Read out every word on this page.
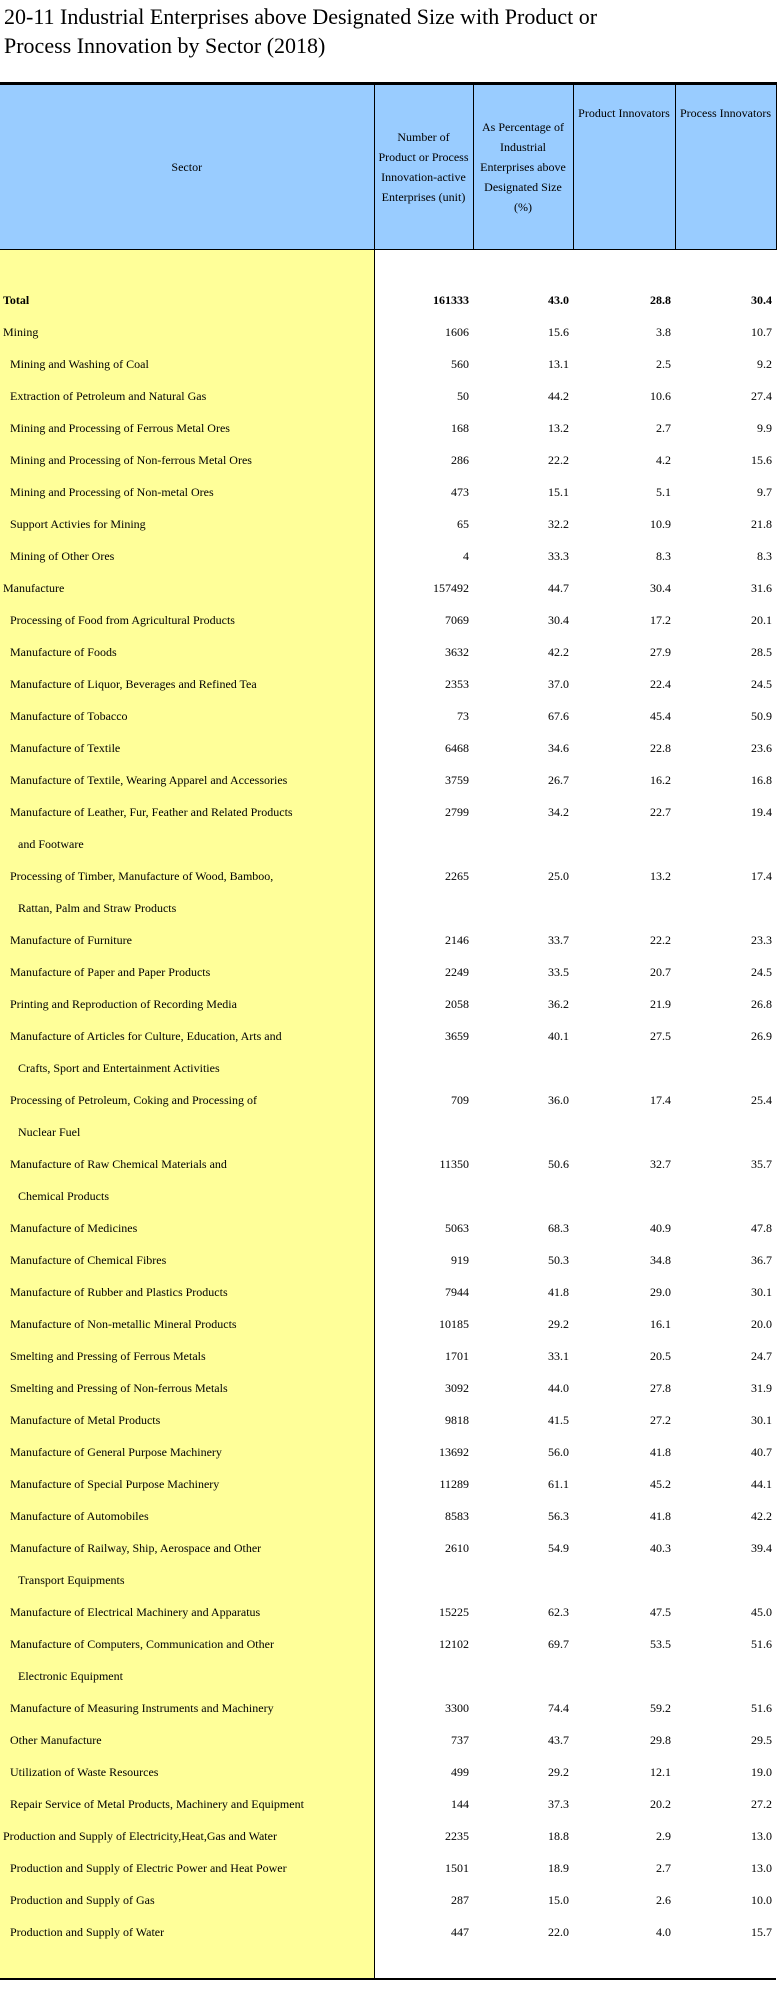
20-11 Industrial Enterprises above Designated Size with Product or
Process Innovation by Sector (2018)
Sector	Number of Product or Process Innovation-active Enterprises (unit)	As Percentage of Industrial Enterprises above Designated Size (%)	Product Innovators	Process Innovators

Total	161333	43.0	28.8	30.4

Mining	1606	15.6	3.8	10.7

Mining and Washing of Coal	560	13.1	2.5	9.2

Extraction of Petroleum and Natural Gas	50	44.2	10.6	27.4

Mining and Processing of Ferrous Metal Ores	168	13.2	2.7	9.9

Mining and Processing of Non-ferrous Metal Ores	286	22.2	4.2	15.6

Mining and Processing of Non-metal Ores	473	15.1	5.1	9.7

Support Activies for Mining	65	32.2	10.9	21.8

Mining of Other Ores	4	33.3	8.3	8.3

Manufacture	157492	44.7	30.4	31.6

Processing of Food from Agricultural Products	7069	30.4	17.2	20.1

Manufacture of Foods	3632	42.2	27.9	28.5

Manufacture of Liquor, Beverages and Refined Tea	2353	37.0	22.4	24.5

Manufacture of Tobacco	73	67.6	45.4	50.9

Manufacture of Textile	6468	34.6	22.8	23.6

Manufacture of Textile, Wearing Apparel and Accessories	3759	26.7	16.2	16.8

Manufacture of Leather, Fur, Feather and Related Products
and Footware	2799	34.2	22.7	19.4

Processing of Timber, Manufacture of Wood, Bamboo,
Rattan, Palm and Straw Products	2265	25.0	13.2	17.4

Manufacture of Furniture	2146	33.7	22.2	23.3

Manufacture of Paper and Paper Products	2249	33.5	20.7	24.5

Printing and Reproduction of Recording Media	2058	36.2	21.9	26.8

Manufacture of Articles for Culture, Education, Arts and
Crafts, Sport and Entertainment Activities	3659	40.1	27.5	26.9

Processing of Petroleum, Coking and Processing of
Nuclear Fuel	709	36.0	17.4	25.4

Manufacture of Raw Chemical Materials and
Chemical Products	11350	50.6	32.7	35.7

Manufacture of Medicines	5063	68.3	40.9	47.8

Manufacture of Chemical Fibres	919	50.3	34.8	36.7

Manufacture of Rubber and Plastics Products	7944	41.8	29.0	30.1

Manufacture of Non-metallic Mineral Products	10185	29.2	16.1	20.0

Smelting and Pressing of Ferrous Metals	1701	33.1	20.5	24.7

Smelting and Pressing of Non-ferrous Metals	3092	44.0	27.8	31.9

Manufacture of Metal Products	9818	41.5	27.2	30.1

Manufacture of General Purpose Machinery	13692	56.0	41.8	40.7

Manufacture of Special Purpose Machinery	11289	61.1	45.2	44.1

Manufacture of Automobiles	8583	56.3	41.8	42.2

Manufacture of Railway, Ship, Aerospace and Other
Transport Equipments	2610	54.9	40.3	39.4

Manufacture of Electrical Machinery and Apparatus	15225	62.3	47.5	45.0

Manufacture of Computers, Communication and Other
Electronic Equipment	12102	69.7	53.5	51.6

Manufacture of Measuring Instruments and Machinery	3300	74.4	59.2	51.6

Other Manufacture	737	43.7	29.8	29.5

Utilization of Waste Resources	499	29.2	12.1	19.0

Repair Service of Metal Products, Machinery and Equipment	144	37.3	20.2	27.2

Production and Supply of Electricity,Heat,Gas and Water	2235	18.8	2.9	13.0

Production and Supply of Electric Power and Heat Power	1501	18.9	2.7	13.0

Production and Supply of Gas	287	15.0	2.6	10.0

Production and Supply of Water	447	22.0	4.0	15.7
